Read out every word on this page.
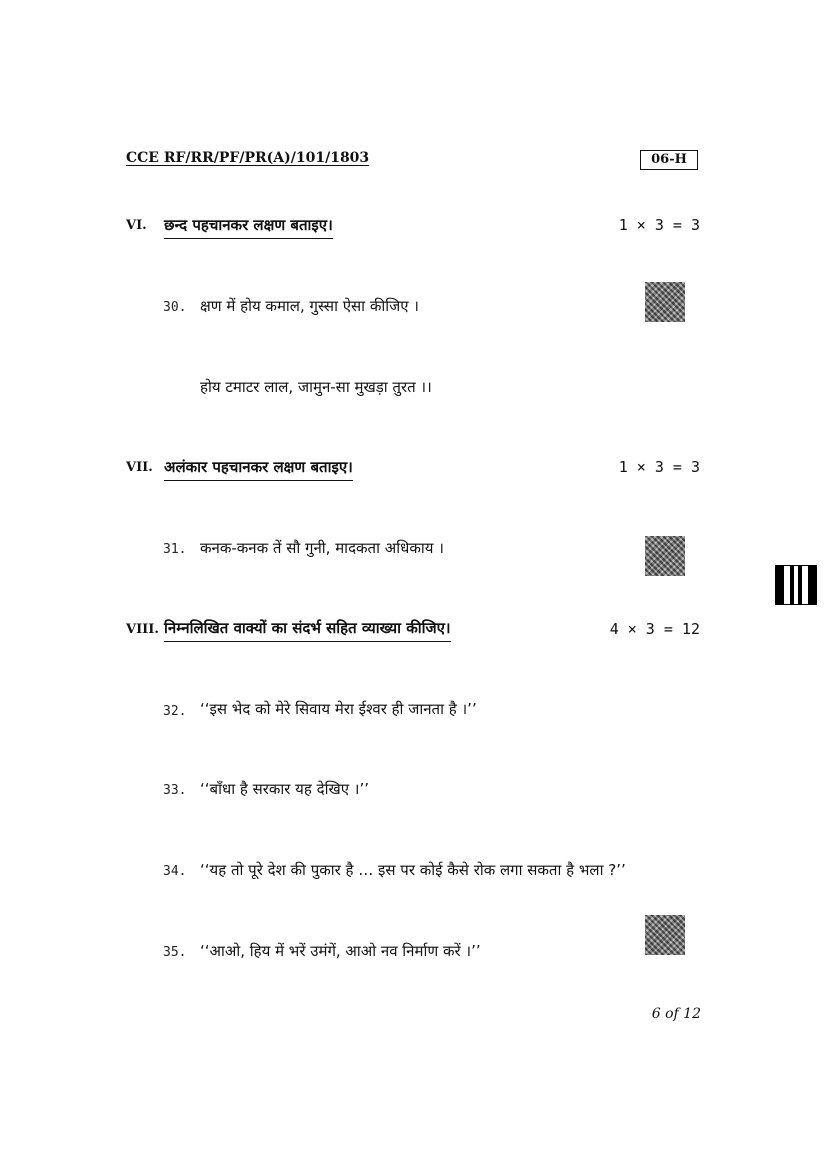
CCE RF/RR/PF/PR(A)/101/1803	06-H
VI. छन्द पहचानकर लक्षण बताइए।	1 × 3 = 3
30. क्षण में होय कमाल, गुस्सा ऐसा कीजिए ।
होय टमाटर लाल, जामुन-सा मुखड़ा तुरत ।।
VII. अलंकार पहचानकर लक्षण बताइए।	1 × 3 = 3
31. कनक-कनक तें सौ गुनी, मादकता अधिकाय ।
VIII. निम्नलिखित वाक्यों का संदर्भ सहित व्याख्या कीजिए।	4 × 3 = 12
32. ‘‘इस भेद को मेरे सिवाय मेरा ईश्वर ही जानता है ।’’
33. ‘‘बाँधा है सरकार यह देखिए ।’’
34. ‘‘यह तो पूरे देश की पुकार है … इस पर कोई कैसे रोक लगा सकता है भला ?’’
35. ‘‘आओ, हिय में भरें उमंगें, आओ नव निर्माण करें ।’’
6 of 12
